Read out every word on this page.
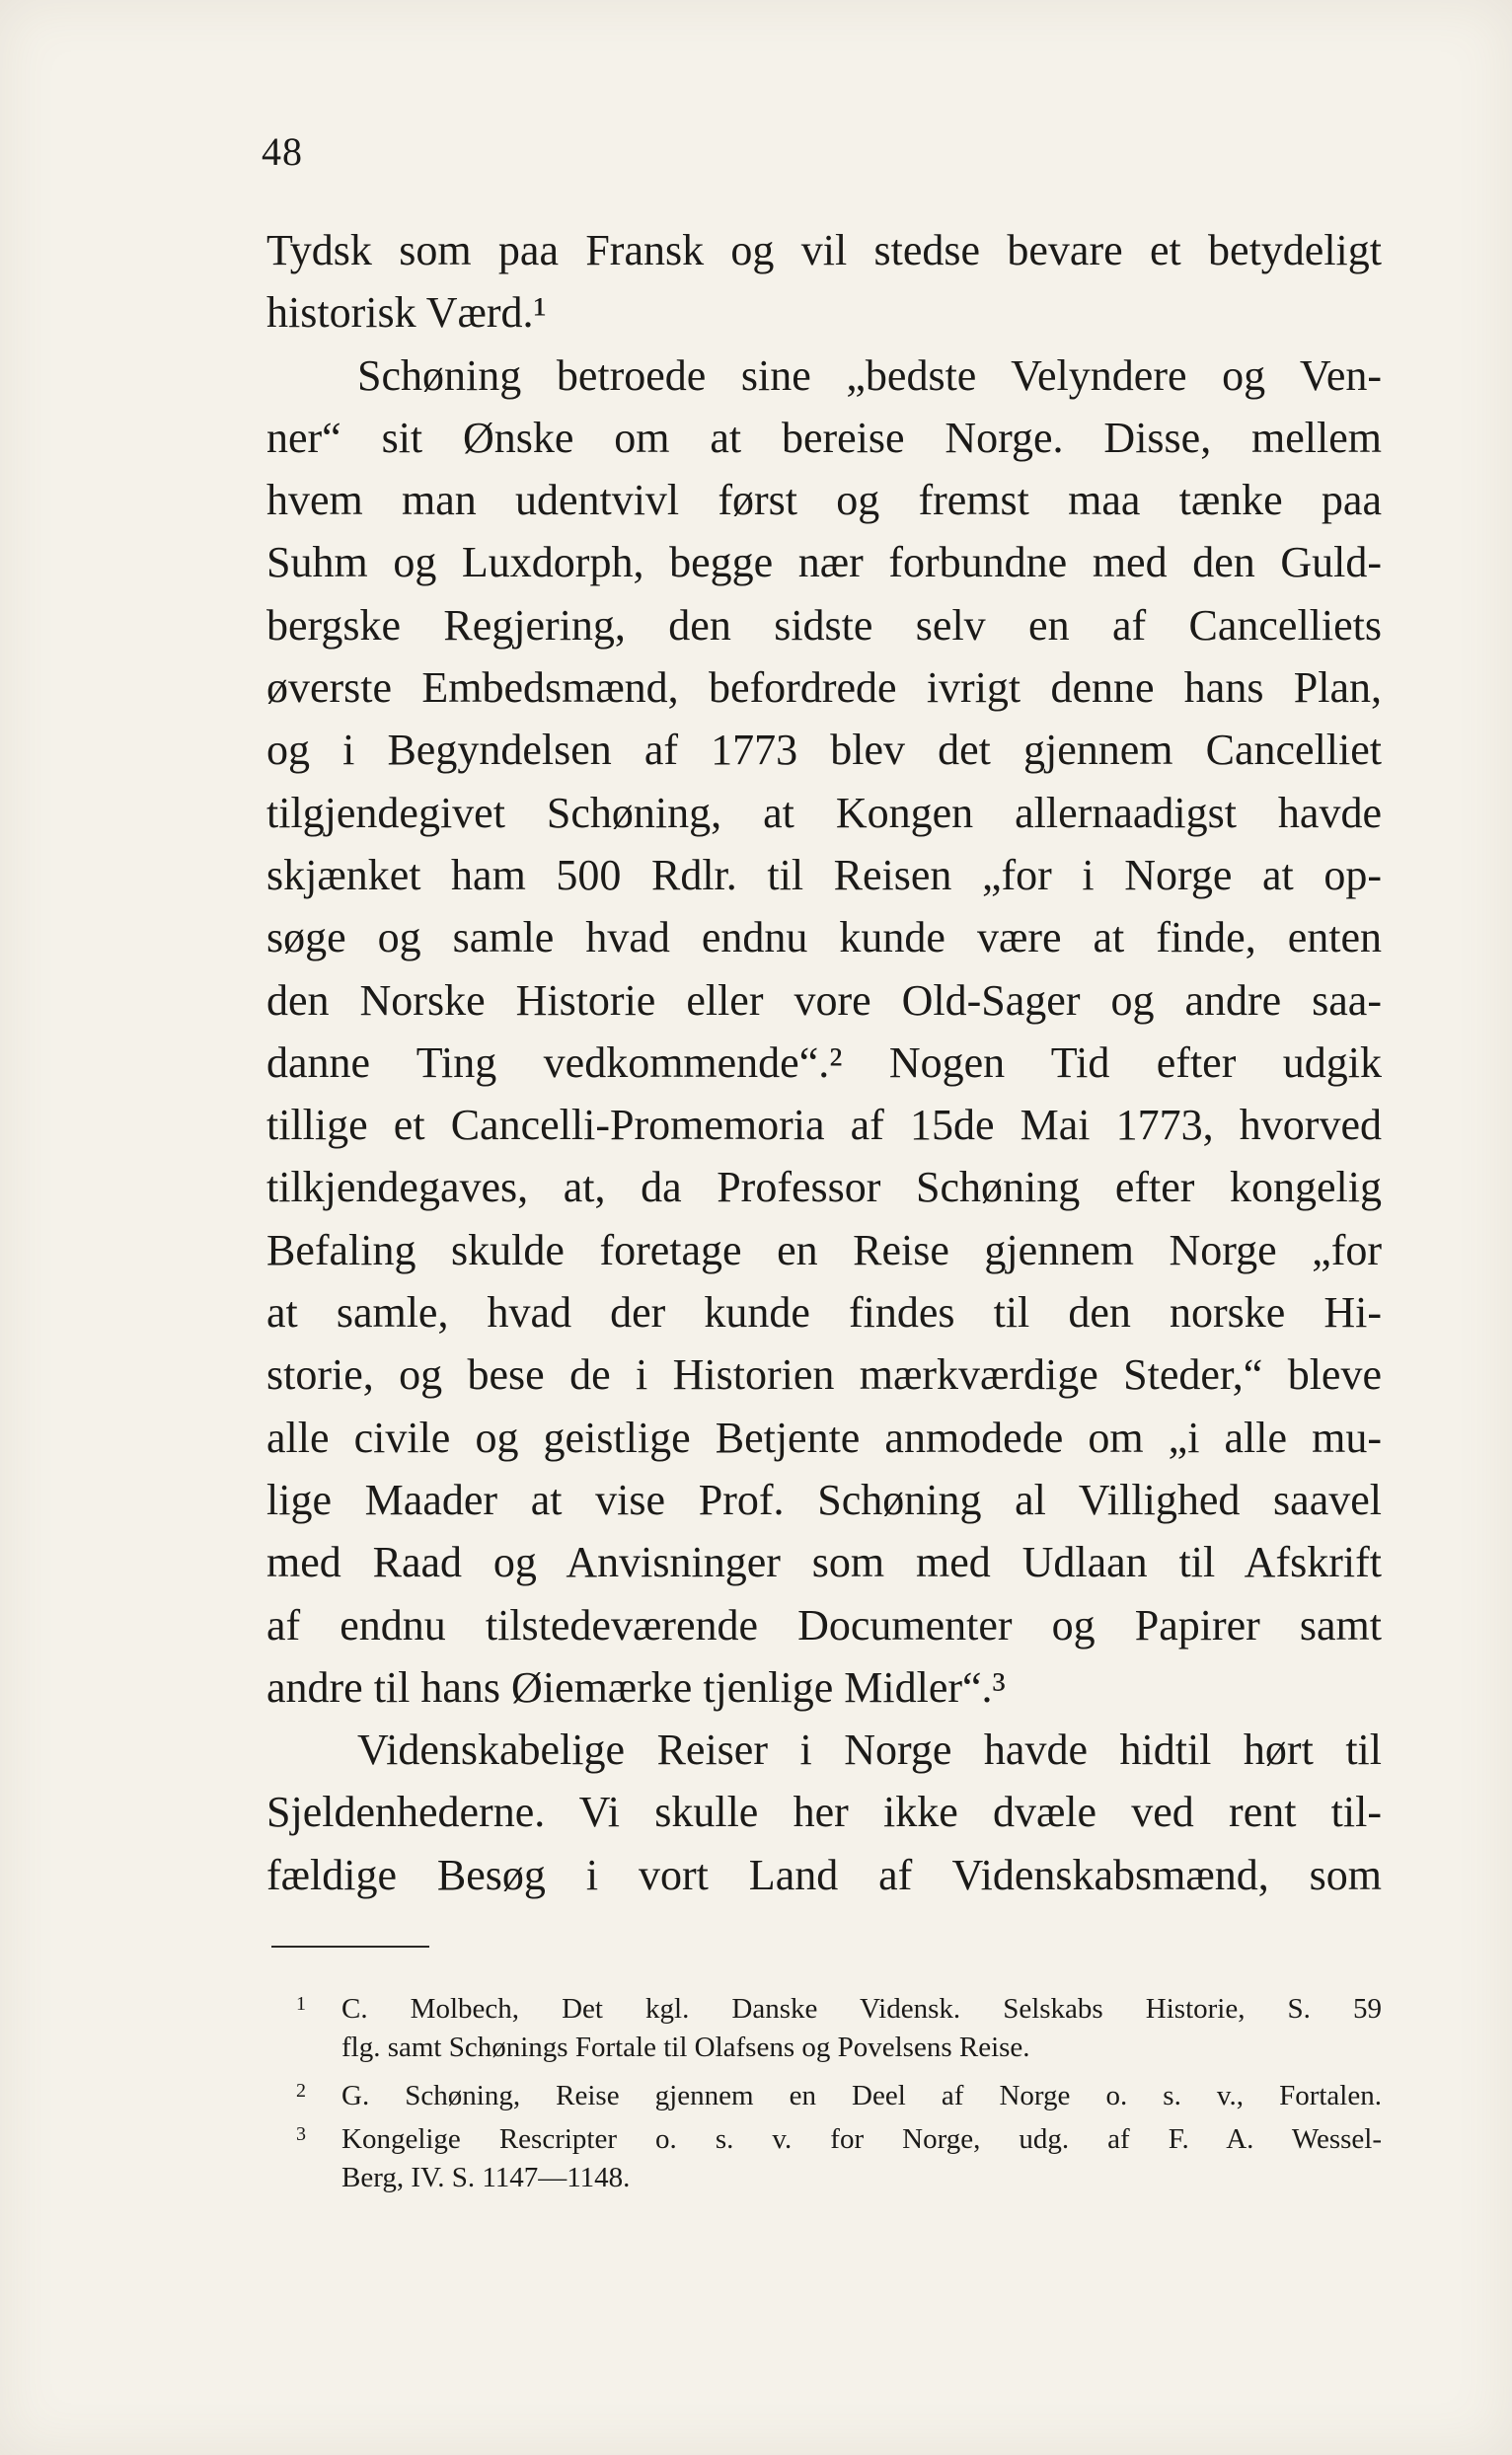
48
Tydsk som paa Fransk og vil stedse bevare et betydeligt
historisk Værd.¹
Schøning betroede sine „bedste Velyndere og Ven-
ner“ sit Ønske om at bereise Norge. Disse, mellem
hvem man udentvivl først og fremst maa tænke paa
Suhm og Luxdorph, begge nær forbundne med den Guld-
bergske Regjering, den sidste selv en af Cancelliets
øverste Embedsmænd, befordrede ivrigt denne hans Plan,
og i Begyndelsen af 1773 blev det gjennem Cancelliet
tilgjendegivet Schøning, at Kongen allernaadigst havde
skjænket ham 500 Rdlr. til Reisen „for i Norge at op-
søge og samle hvad endnu kunde være at finde, enten
den Norske Historie eller vore Old-Sager og andre saa-
danne Ting vedkommende“.² Nogen Tid efter udgik
tillige et Cancelli-Promemoria af 15de Mai 1773, hvorved
tilkjendegaves, at, da Professor Schøning efter kongelig
Befaling skulde foretage en Reise gjennem Norge „for
at samle, hvad der kunde findes til den norske Hi-
storie, og bese de i Historien mærkværdige Steder,“ bleve
alle civile og geistlige Betjente anmodede om „i alle mu-
lige Maader at vise Prof. Schøning al Villighed saavel
med Raad og Anvisninger som med Udlaan til Afskrift
af endnu tilstedeværende Documenter og Papirer samt
andre til hans Øiemærke tjenlige Midler“.³
Videnskabelige Reiser i Norge havde hidtil hørt til
Sjeldenhederne. Vi skulle her ikke dvæle ved rent til-
fældige Besøg i vort Land af Videnskabsmænd, som
1 C. Molbech, Det kgl. Danske Vidensk. Selskabs Historie, S. 59
flg. samt Schønings Fortale til Olafsens og Povelsens Reise.
2 G. Schøning, Reise gjennem en Deel af Norge o. s. v., Fortalen.
3 Kongelige Rescripter o. s. v. for Norge, udg. af F. A. Wessel-
Berg, IV. S. 1147—1148.
